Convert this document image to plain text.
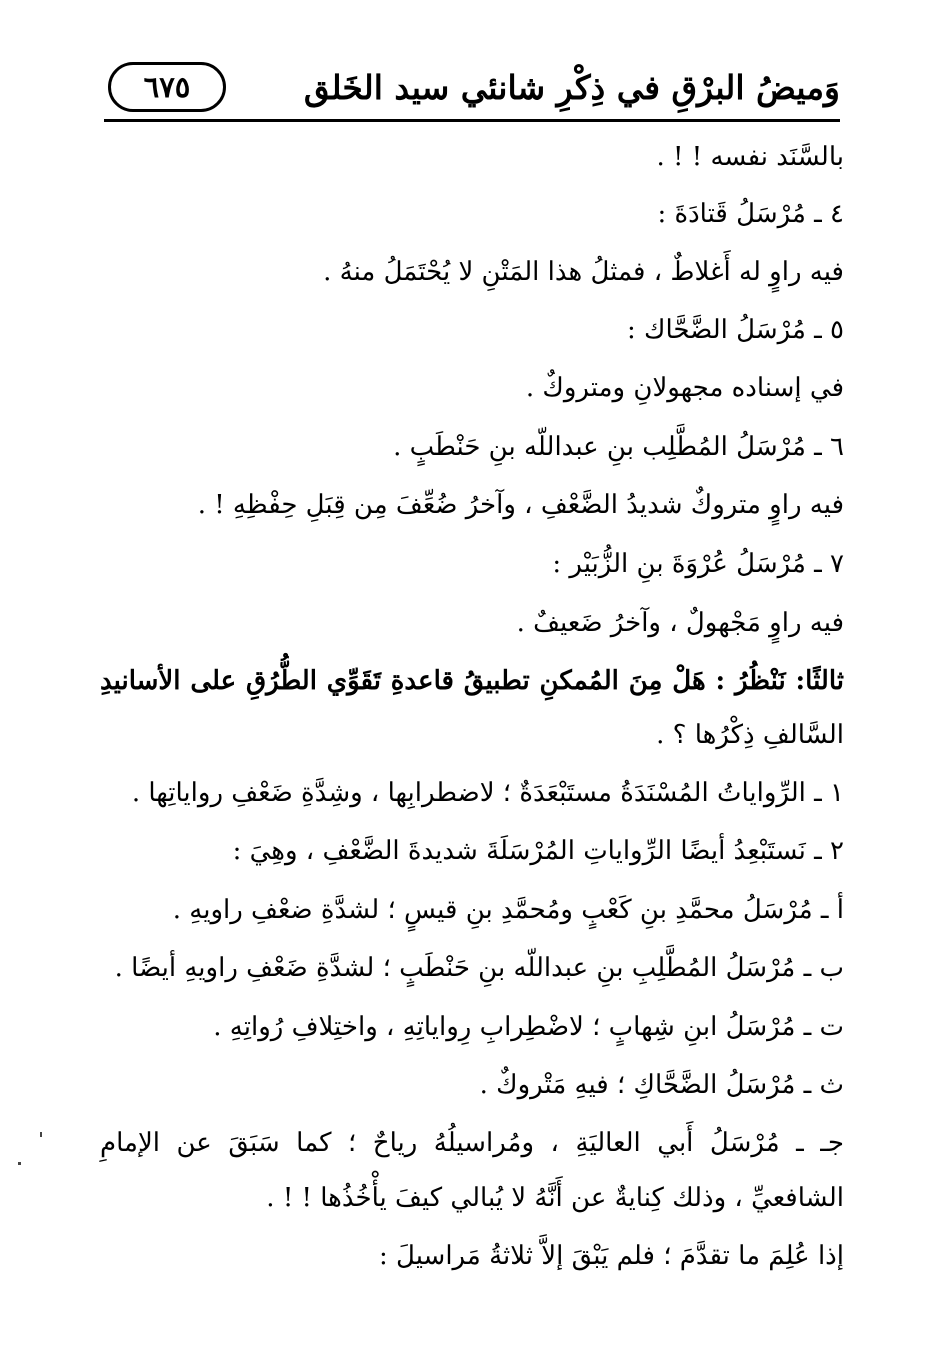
وَميضُ البرْقِ في ذِكْرِ شانئي سيد الخَلق
٦٧٥
بالسَّنَد نفسه ! ! .
٤ ـ مُرْسَلُ قَتادَةَ :
فيه راوٍ له أَغلاطٌ ، فمثلُ هذا المَتْنِ لا يُحْتَمَلُ منهُ .
٥ ـ مُرْسَلُ الضَّحَّاك :
في إسناده مجهولانِ ومتروكٌ .
٦ ـ مُرْسَلُ المُطَّلِب بنِ عبداللّه بنِ حَنْطَبٍ .
فيه راوٍ متروكٌ شديدُ الضَّعْفِ ، وآخرُ ضُعِّفَ مِن قِبَلِ حِفْظِهِ ! .
٧ ـ مُرْسَلُ عُرْوَةَ بنِ الزُّبَيْر :
فيه راوٍ مَجْهولٌ ، وآخرُ ضَعيفٌ .
ثالثًا: نَنْظُرُ : هَلْ مِنَ المُمكنِ تطبيقُ قاعدةِ تَقَوِّي الطُّرُقِ على الأسانيدِ
السَّالفِ ذِكْرُها ؟ .
١ ـ الرِّواياتُ المُسْنَدَةُ مستَبْعَدَةٌ ؛ لاضطرابِها ، وشِدَّةِ ضَعْفِ رواياتِها .
٢ ـ نَستَبْعِدُ أيضًا الرِّواياتِ المُرْسَلَةَ شديدةَ الضَّعْفِ ، وهِيَ :
أ ـ مُرْسَلُ محمَّدِ بنِ كَعْبٍ ومُحمَّدِ بنِ قيسٍ ؛ لشدَّةِ ضعْفِ راويهِ .
ب ـ مُرْسَلُ المُطَّلِبِ بنِ عبداللّه بنِ حَنْطَبٍ ؛ لشدَّةِ ضَعْفِ راويهِ أيضًا .
ت ـ مُرْسَلُ ابنِ شِهابٍ ؛ لاضْطِرابِ رِواياتِهِ ، واختِلافِ رُواتِهِ .
ث ـ مُرْسَلُ الضَّحَّاكِ ؛ فيهِ مَتْروكٌ .
جـ ـ مُرْسَلُ أَبي العاليَةِ ، ومُراسيلُهُ رياحٌ ؛ كما سَبَقَ عن الإمامِ
الشافعيِّ ، وذلك كِنايةٌ عن أَنَّهُ لا يُبالي كيفَ يأْخُذُها ! ! .
إذا عُلِمَ ما تقدَّمَ ؛ فلم يَبْقَ إلاَّ ثلاثةُ مَراسيلَ :
